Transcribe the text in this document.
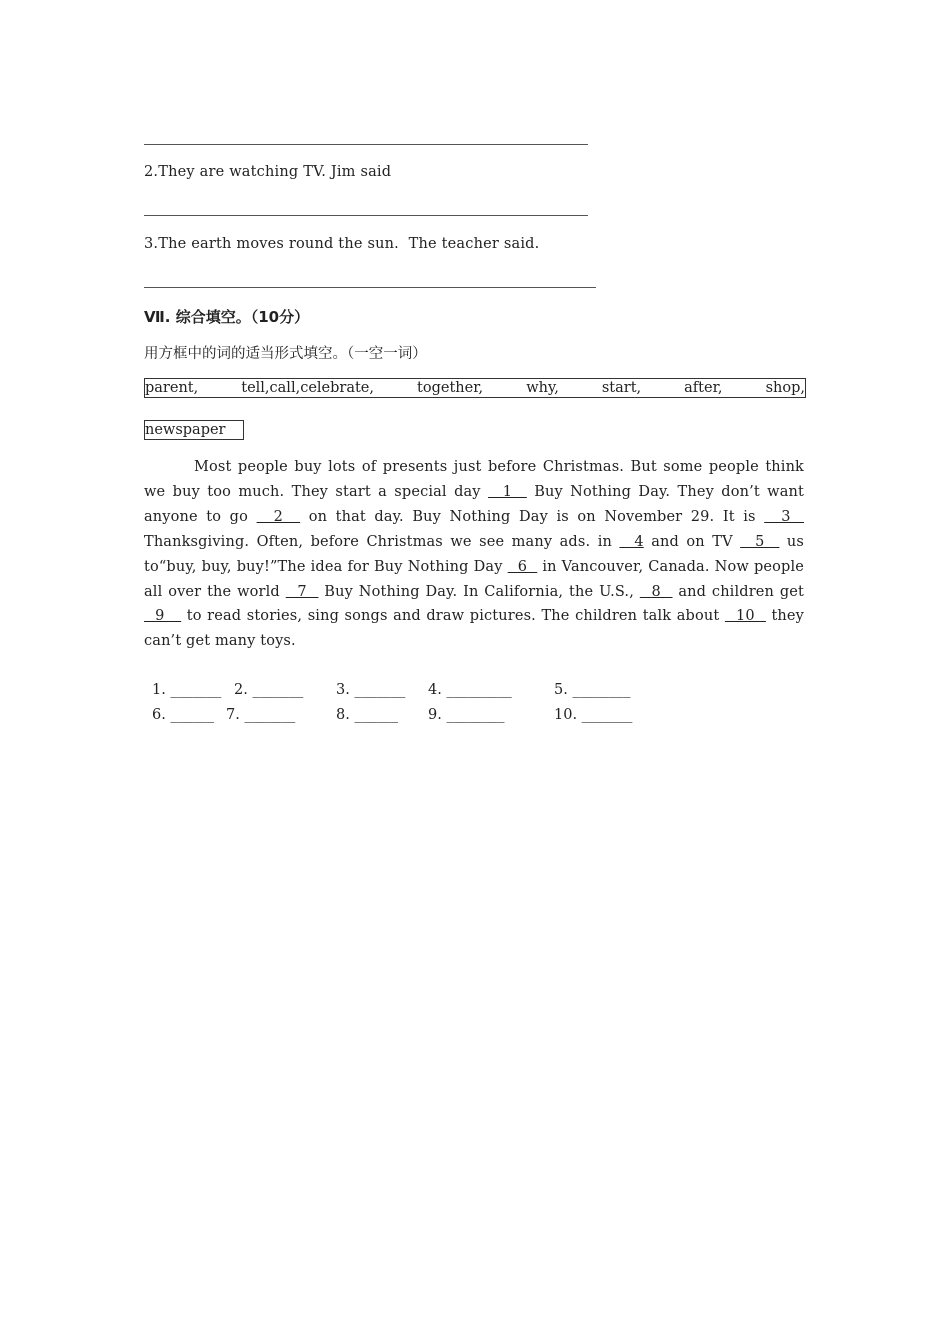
2.They are watching TV. Jim said
3.The earth moves round the sun.  The teacher said.
Ⅶ. 综合填空。（10分）
用方框中的词的适当形式填空。（一空一词）
parent,	tell,call,celebrate,	together,	why,	start,	after,	shop,
newspaper
Most people buy lots of presents just before Christmas. But some people think we buy too much. They start a special day   1   Buy Nothing Day. They don’t want anyone to go   2   on that day. Buy Nothing Day is on November 29. It is   3   Thanksgiving. Often, before Christmas we see many ads. in   4 and on TV   5   us to“buy, buy, buy!”The idea for Buy Nothing Day   6   in Vancouver, Canada. Now people all over the world   7   Buy Nothing Day. In California, the U.S.,   8   and children get   9    to read stories, sing songs and draw pictures. The children talk about   10   they can’t get many toys.
1. _______ 2. _______ 3. _______ 4. _________	5. ________
6. ______ 7. _______	8. ______ 9. ________	10. _______
